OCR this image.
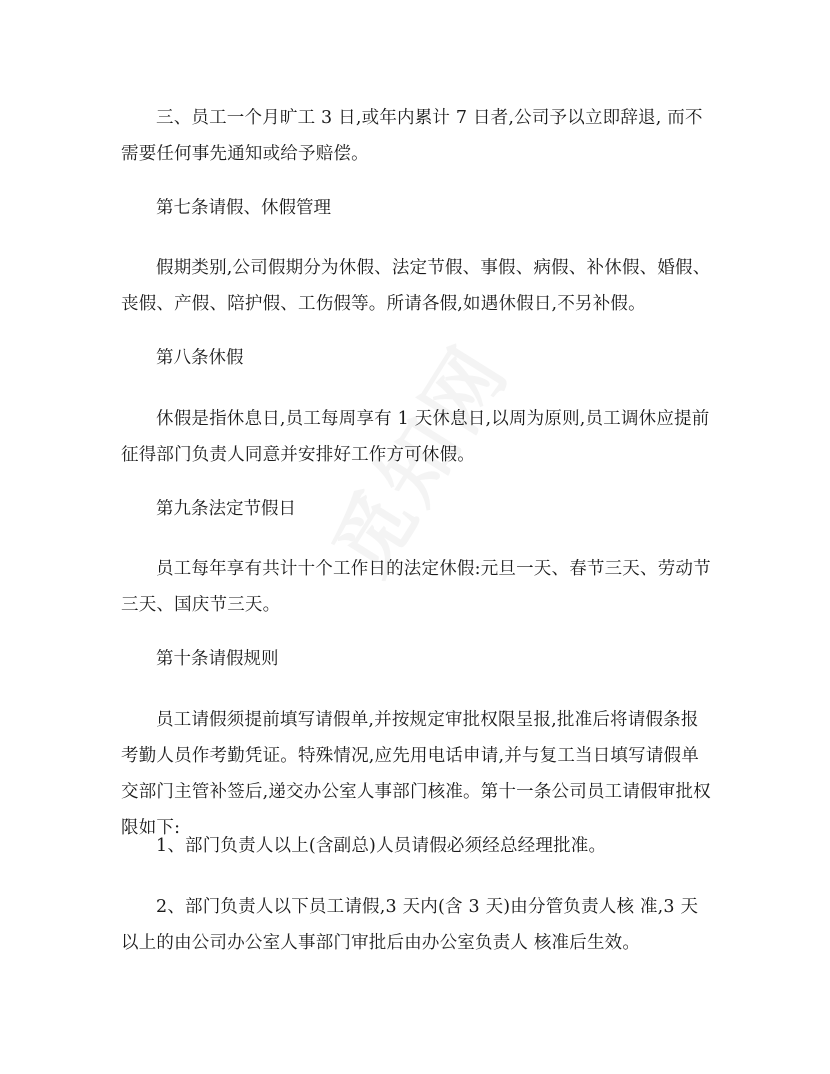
三、员工一个月旷工 3 日,或年内累计 7 日者,公司予以立即辞退, 而不需要任何事先通知或给予赔偿。

第七条请假、休假管理

假期类别,公司假期分为休假、法定节假、事假、病假、补休假、婚假、丧假、产假、陪护假、工伤假等。所请各假,如遇休假日,不另补假。

第八条休假

休假是指休息日,员工每周享有 1 天休息日,以周为原则,员工调休应提前征得部门负责人同意并安排好工作方可休假。

第九条法定节假日

员工每年享有共计十个工作日的法定休假:元旦一天、春节三天、劳动节三天、国庆节三天。

第十条请假规则

员工请假须提前填写请假单,并按规定审批权限呈报,批准后将请假条报考勤人员作考勤凭证。特殊情况,应先用电话申请,并与复工当日填写请假单交部门主管补签后,递交办公室人事部门核准。第十一条公司员工请假审批权限如下:

1、部门负责人以上(含副总)人员请假必须经总经理批准。

2、部门负责人以下员工请假,3 天内(含 3 天)由分管负责人核 准,3 天以上的由公司办公室人事部门审批后由办公室负责人 核准后生效。
